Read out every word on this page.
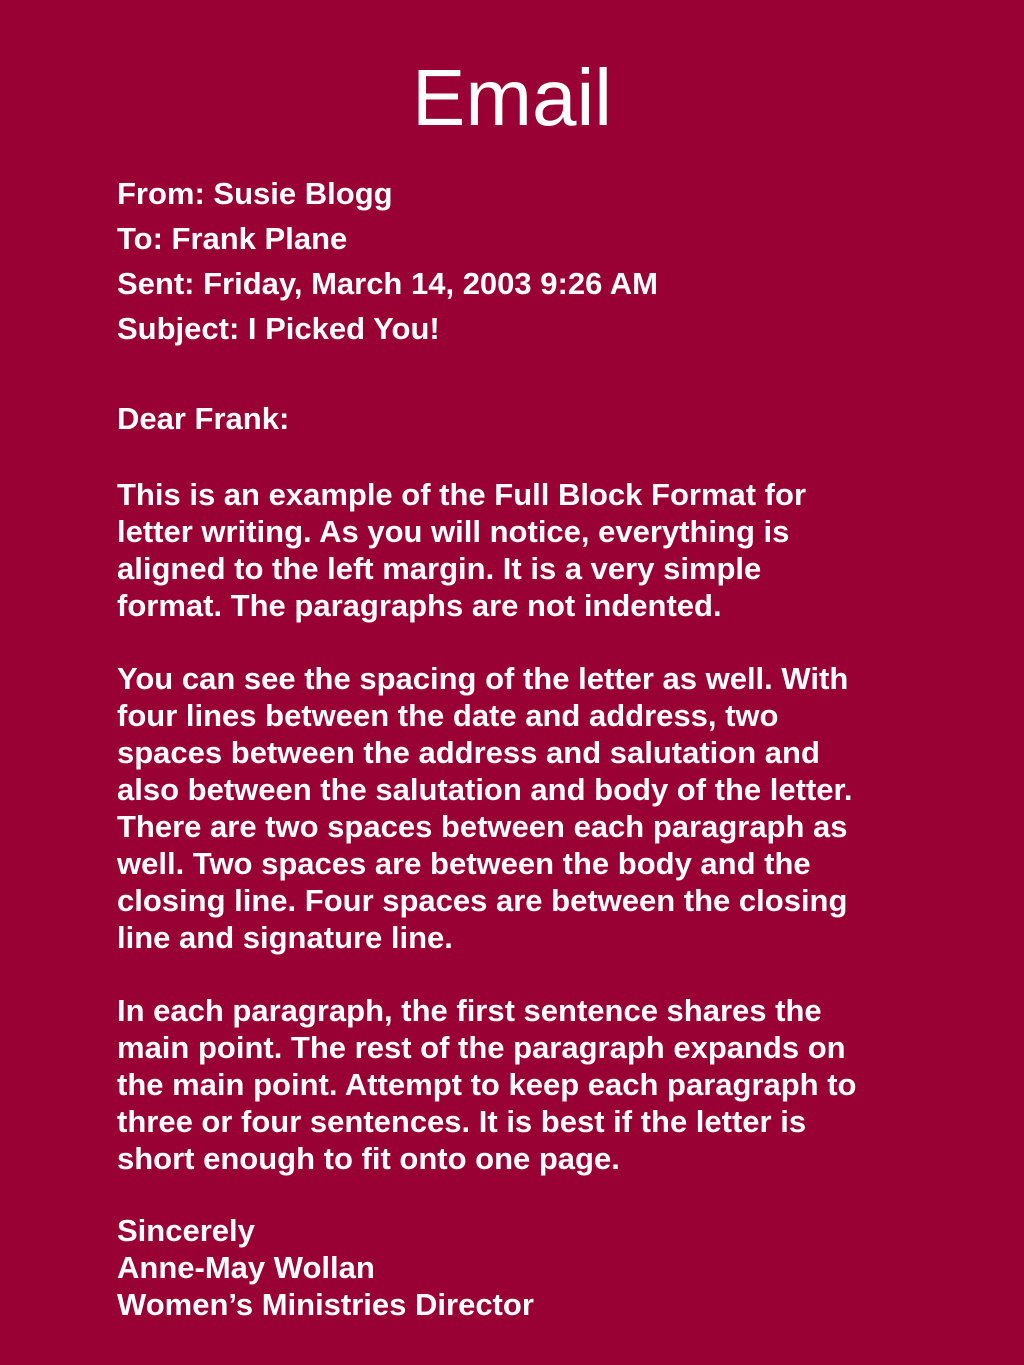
Email
From: Susie Blogg
To: Frank Plane
Sent: Friday, March 14, 2003 9:26 AM
Subject: I Picked You!
Dear Frank:
This is an example of the Full Block Format for
letter writing. As you will notice, everything is
aligned to the left margin. It is a very simple
format. The paragraphs are not indented.
You can see the spacing of the letter as well. With
four lines between the date and address, two
spaces between the address and salutation and
also between the salutation and body of the letter.
There are two spaces between each paragraph as
well. Two spaces are between the body and the
closing line. Four spaces are between the closing
line and signature line.
In each paragraph, the first sentence shares the
main point. The rest of the paragraph expands on
the main point. Attempt to keep each paragraph to
three or four sentences. It is best if the letter is
short enough to fit onto one page.
Sincerely
Anne-May Wollan
Women’s Ministries Director
